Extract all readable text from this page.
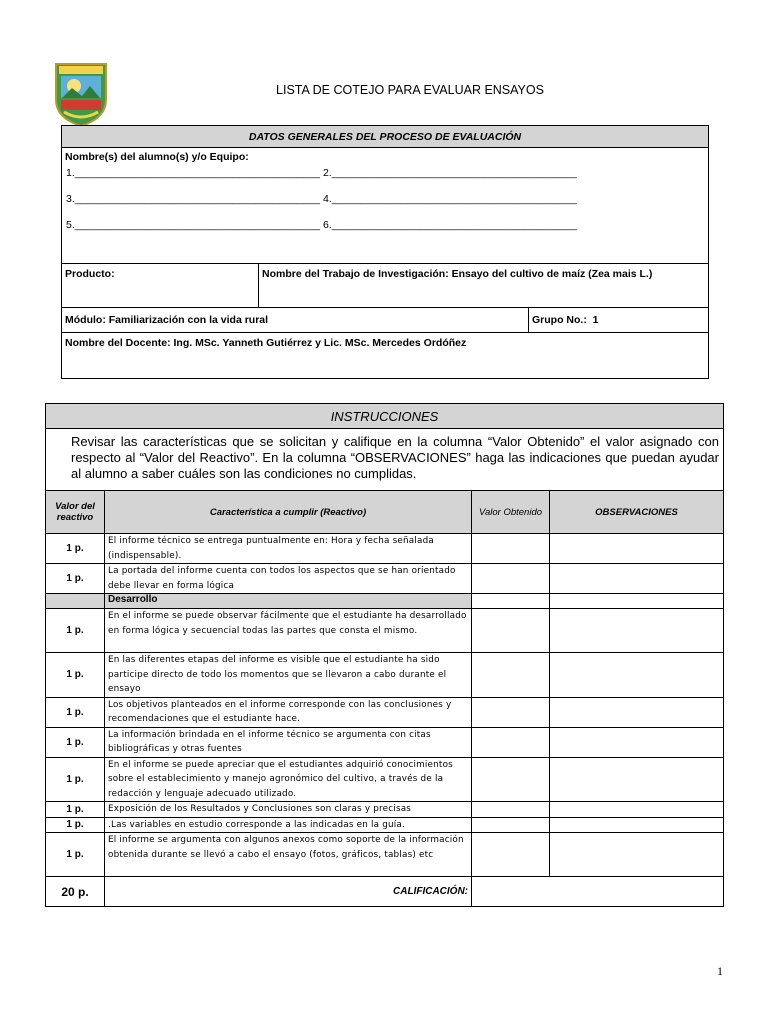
LISTA DE COTEJO PARA EVALUAR ENSAYOS
DATOS GENERALES DEL PROCESO DE EVALUACIÓN		
Nombre(s) del alumno(s) y/o Equipo:		

1.__________________________________________ 2.__________________________________________
3.__________________________________________ 4.__________________________________________
5.__________________________________________ 6.__________________________________________		

Producto:	Nombre del Trabajo de Investigación: Ensayo del cultivo de maíz (Zea mais L.)	
Módulo: Familiarización con la vida rural		Grupo No.: 1
Nombre del Docente: Ing. MSc. Yanneth Gutiérrez y Lic. MSc. Mercedes Ordóñez		
INSTRUCCIONES			
Revisar las características que se solicitan y califique en la columna “Valor Obtenido” el valor asignado con respecto al “Valor del Reactivo”. En la columna “OBSERVACIONES” haga las indicaciones que puedan ayudar al alumno a saber cuáles son las condiciones no cumplidas.			
Valor del reactivo	Característica a cumplir (Reactivo)	Valor Obtenido	OBSERVACIONES
1 p.	El informe técnico se entrega puntualmente en: Hora y fecha señalada (indispensable).		
1 p.	La portada del informe cuenta con todos los aspectos que se han orientado debe llevar en forma lógica		
	Desarrollo		
1 p.	En el informe se puede observar fácilmente que el estudiante ha desarrollado en forma lógica y secuencial todas las partes que consta el mismo.		
1 p.	En las diferentes etapas del informe es visible que el estudiante ha sido participe directo de todo los momentos que se llevaron a cabo durante el ensayo		
1 p.	Los objetivos planteados en el informe corresponde con las conclusiones y recomendaciones que el estudiante hace.		
1 p.	La información brindada en el informe técnico se argumenta con citas bibliográficas y otras fuentes		
1 p.	En el informe se puede apreciar que el estudiantes adquirió conocimientos sobre el establecimiento y manejo agronómico del cultivo, a través de la redacción y lenguaje adecuado utilizado.		
1 p.	Exposición de los Resultados y Conclusiones son claras y precisas		
1 p.	.Las variables en estudio corresponde a las indicadas en la guía.		
1 p.	El informe se argumenta con algunos anexos como soporte de la información obtenida durante se llevó a cabo el ensayo (fotos, gráficos, tablas) etc		
20 p.	CALIFICACIÓN:		
1
